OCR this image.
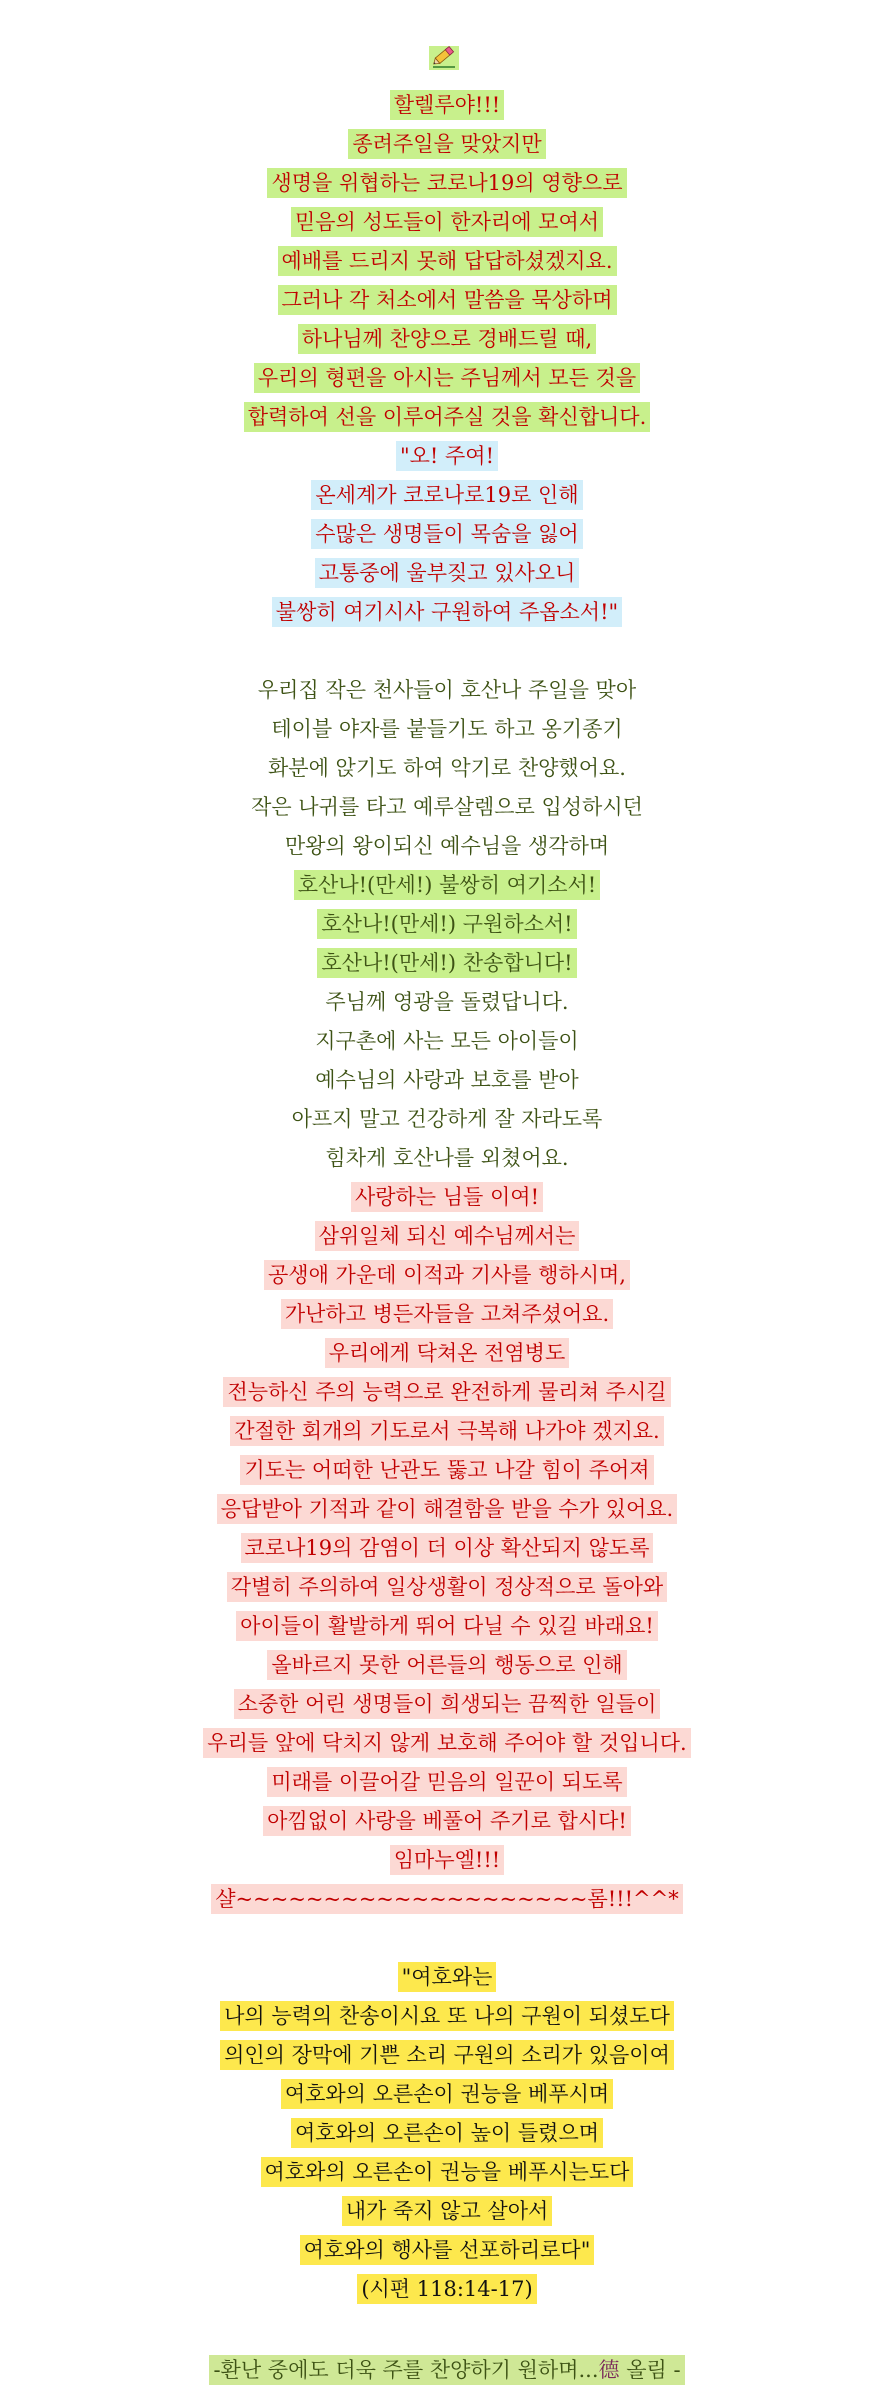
할렐루야!!!
종려주일을 맞았지만
생명을 위협하는 코로나19의 영향으로
믿음의 성도들이 한자리에 모여서
예배를 드리지 못해 답답하셨겠지요.
그러나 각 처소에서 말씀을 묵상하며
하나님께 찬양으로 경배드릴 때,
우리의 형편을 아시는 주님께서 모든 것을
합력하여 선을 이루어주실 것을 확신합니다.
"오! 주여!
온세계가 코로나로19로 인해
수많은 생명들이 목숨을 잃어
고통중에 울부짖고 있사오니
불쌍히 여기시사 구원하여 주옵소서!"
우리집 작은 천사들이 호산나 주일을 맞아
테이블 야자를 붙들기도 하고 옹기종기
화분에 앉기도 하여 악기로 찬양했어요.
작은 나귀를 타고 예루살렘으로 입성하시던
만왕의 왕이되신 예수님을 생각하며
호산나!(만세!) 불쌍히 여기소서!
호산나!(만세!) 구원하소서!
호산나!(만세!) 찬송합니다!
주님께 영광을 돌렸답니다.
지구촌에 사는 모든 아이들이
예수님의 사랑과 보호를 받아
아프지 말고 건강하게 잘 자라도록
힘차게 호산나를 외쳤어요.
사랑하는 님들 이여!
삼위일체 되신 예수님께서는
공생애 가운데 이적과 기사를 행하시며,
가난하고 병든자들을 고쳐주셨어요.
우리에게 닥쳐온 전염병도
전능하신 주의 능력으로 완전하게 물리쳐 주시길
간절한 회개의 기도로서 극복해 나가야 겠지요.
기도는 어떠한 난관도 뚫고 나갈 힘이 주어져
응답받아 기적과 같이 해결함을 받을 수가 있어요.
코로나19의 감염이 더 이상 확산되지 않도록
각별히 주의하여 일상생활이 정상적으로 돌아와
아이들이 활발하게 뛰어 다닐 수 있길 바래요!
올바르지 못한 어른들의 행동으로 인해
소중한 어린 생명들이 희생되는 끔찍한 일들이
우리들 앞에 닥치지 않게 보호해 주어야 할 것입니다.
미래를 이끌어갈 믿음의 일꾼이 되도록
아낌없이 사랑을 베풀어 주기로 합시다!
임마누엘!!!
샬~~~~~~~~~~~~~~~~~~~~롬!!!^^*
"여호와는
나의 능력의 찬송이시요 또 나의 구원이 되셨도다
의인의 장막에 기쁜 소리 구원의 소리가 있음이여
여호와의 오른손이 권능을 베푸시며
여호와의 오른손이 높이 들렸으며
여호와의 오른손이 권능을 베푸시는도다
내가 죽지 않고 살아서
여호와의 행사를 선포하리로다"
(시편 118:14-17)
-환난 중에도 더욱 주를 찬양하기 원하며...德 올림 -
